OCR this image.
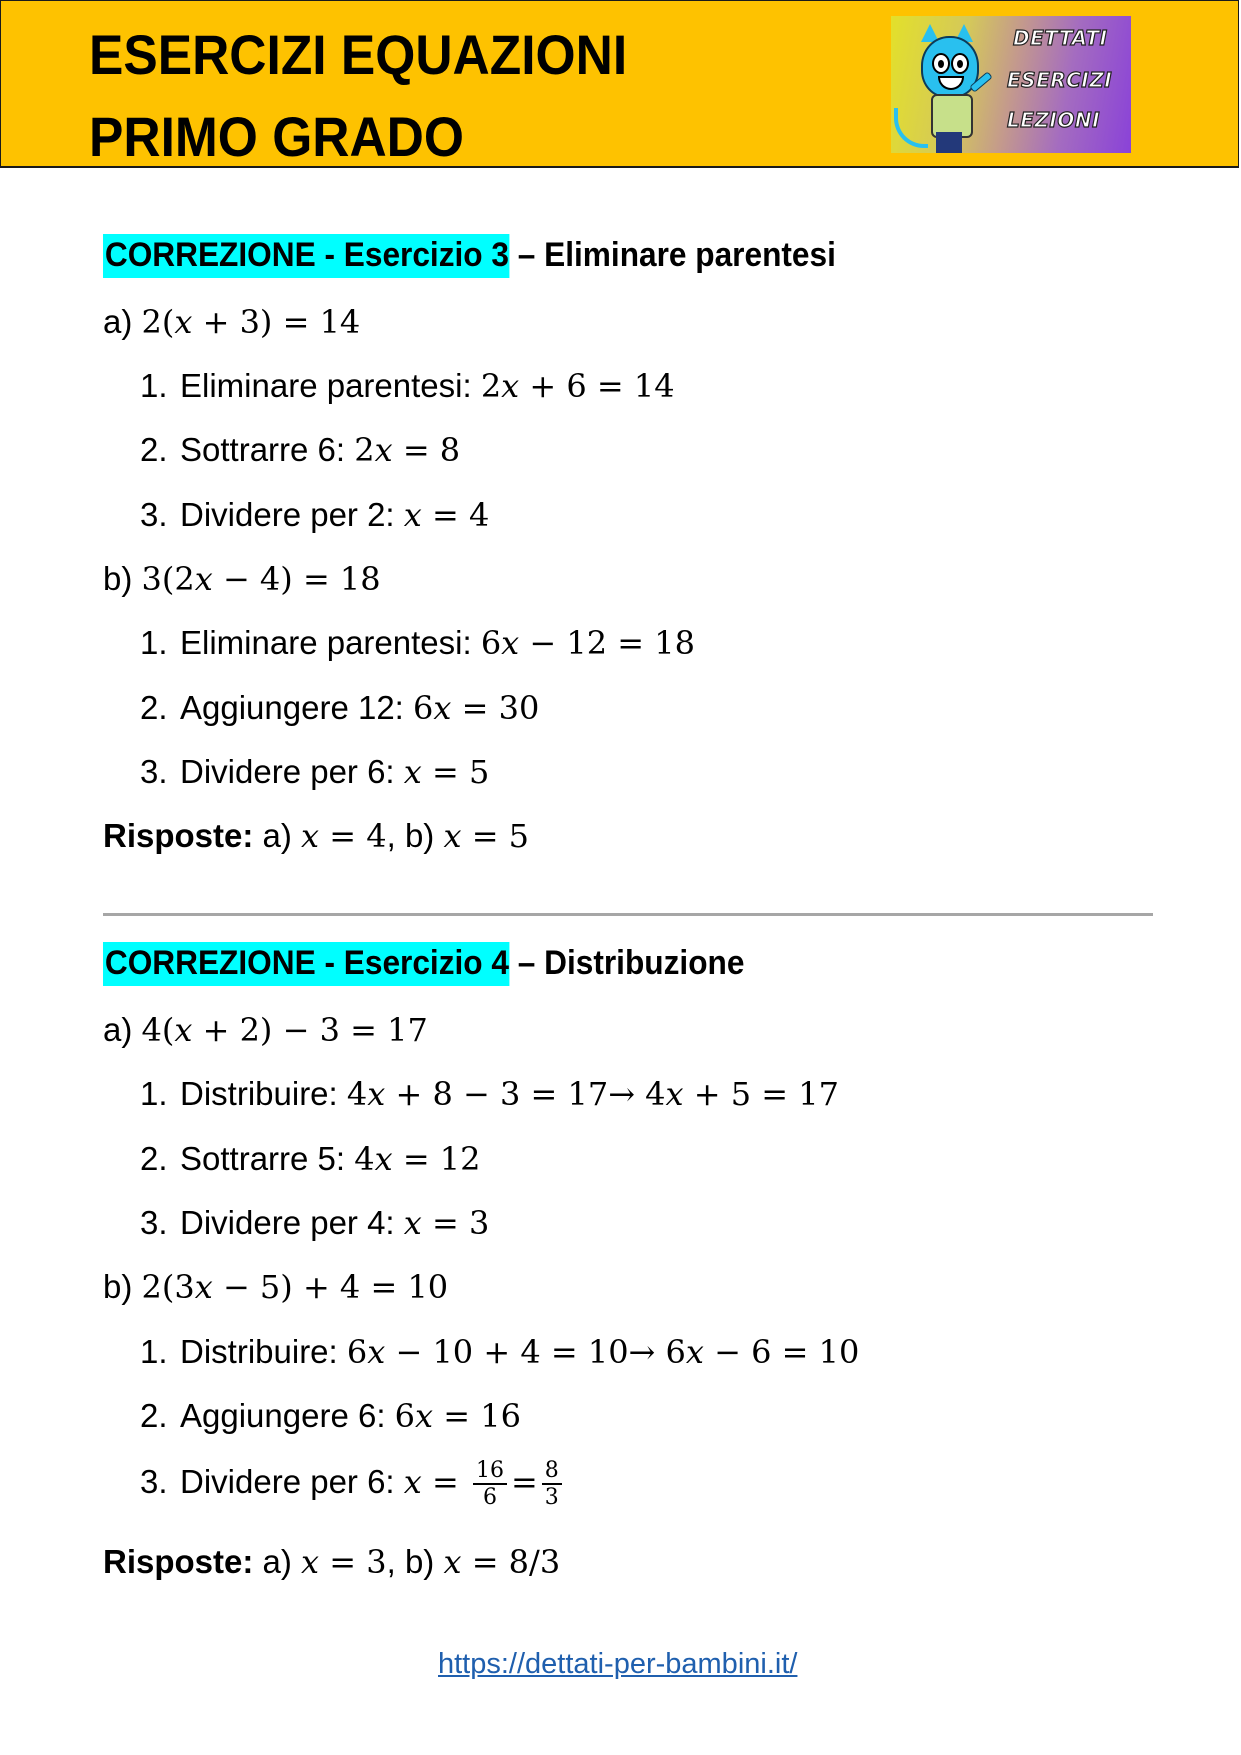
ESERCIZI EQUAZIONI
PRIMO GRADO
DETTATI
ESERCIZI
LEZIONI
CORREZIONE - Esercizio 3 – Eliminare parentesi
a) 2(x + 3) = 14
1. Eliminare parentesi: 2x + 6 = 14
2. Sottrarre 6: 2x = 8
3. Dividere per 2: x = 4
b) 3(2x − 4) = 18
1. Eliminare parentesi: 6x − 12 = 18
2. Aggiungere 12: 6x = 30
3. Dividere per 6: x = 5
Risposte: a) x = 4, b) x = 5
CORREZIONE - Esercizio 4 – Distribuzione
a) 4(x + 2) − 3 = 17
1. Distribuire: 4x + 8 − 3 = 17→ 4x + 5 = 17
2. Sottrarre 5: 4x = 12
3. Dividere per 4: x = 3
b) 2(3x − 5) + 4 = 10
1. Distribuire: 6x − 10 + 4 = 10→ 6x − 6 = 10
2. Aggiungere 6: 6x = 16
3. Dividere per 6: $x = \frac{16}{6} = \frac{8}{3}$
Risposte: a) x = 3, b) x = 8/3
https://dettati-per-bambini.it/
